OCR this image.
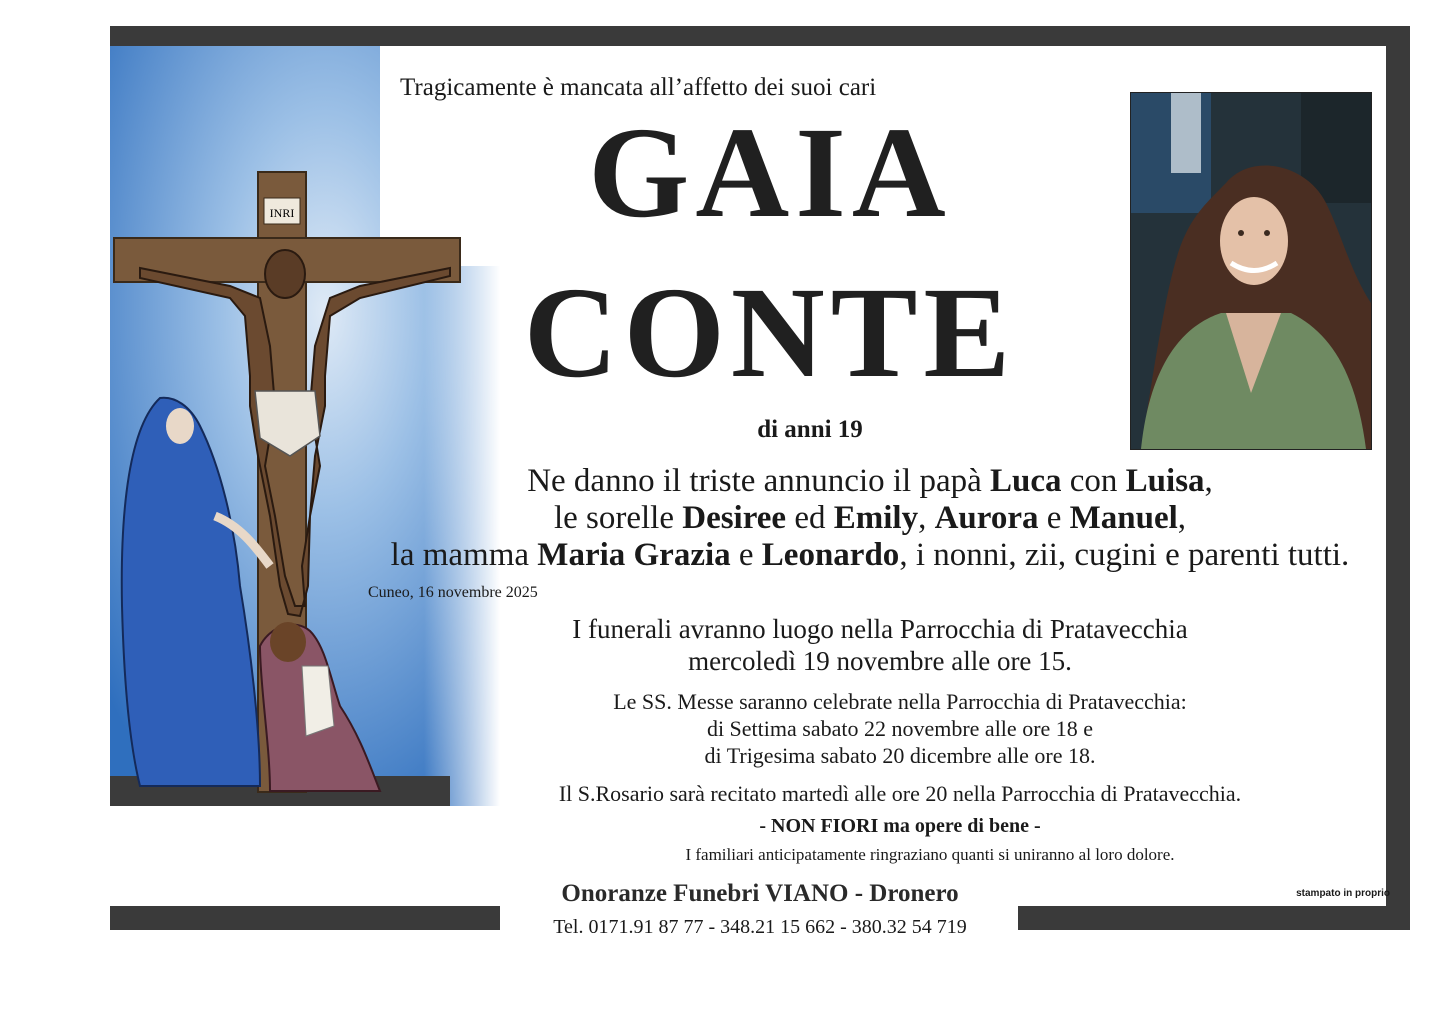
INRI
Tragicamente è mancata all’affetto dei suoi cari
GAIA
CONTE
di anni 19
Ne danno il triste annuncio il papà Luca con Luisa,
le sorelle Desiree ed Emily, Aurora e Manuel,
la mamma Maria Grazia e Leonardo, i nonni, zii, cugini e parenti tutti.
Cuneo, 16 novembre 2025
I funerali avranno luogo nella Parrocchia di Pratavecchia
mercoledì 19 novembre alle ore 15.
Le SS. Messe saranno celebrate nella Parrocchia di Pratavecchia:
di Settima sabato 22 novembre alle ore 18 e
di Trigesima sabato 20 dicembre alle ore 18.
Il S.Rosario sarà recitato martedì alle ore 20 nella Parrocchia di Pratavecchia.
- NON FIORI ma opere di bene -
I familiari anticipatamente ringraziano quanti si uniranno al loro dolore.
Onoranze Funebri VIANO - Dronero
Tel. 0171.91 87 77 - 348.21 15 662 - 380.32 54 719
stampato in proprio
